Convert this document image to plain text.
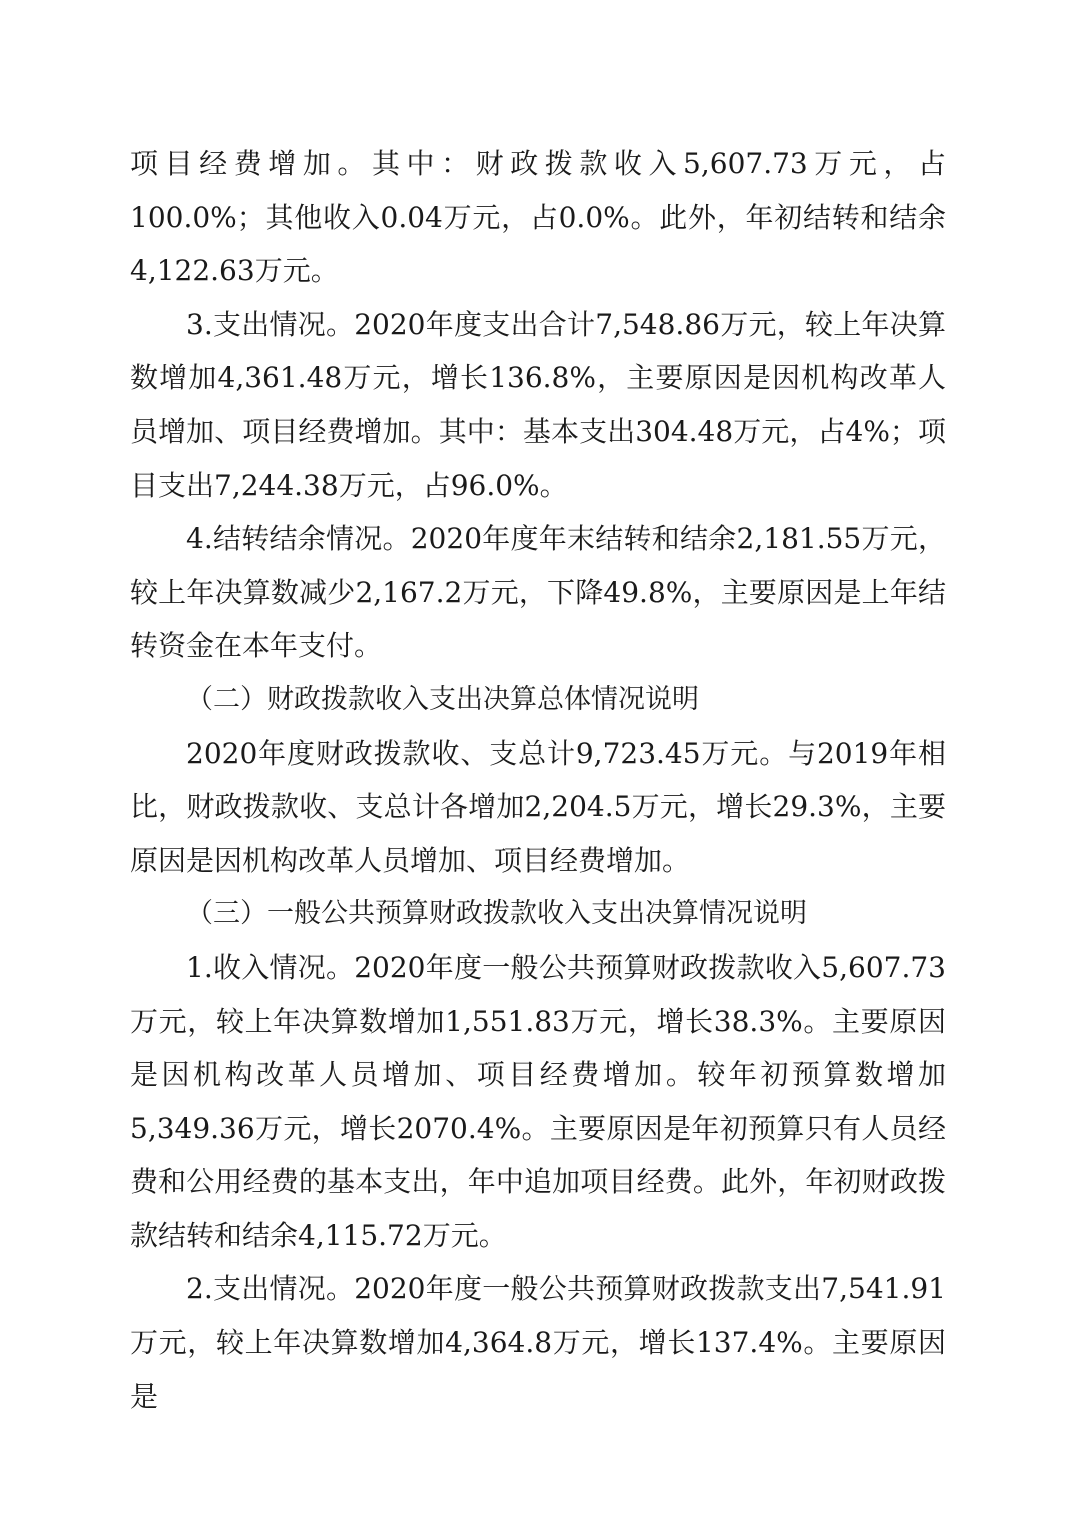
项目经费增加。其中：财政拨款收入5,607.73万元，占100.0%；其他收入0.04万元，占0.0%。此外，年初结转和结余4,122.63万元。

3.支出情况。2020年度支出合计7,548.86万元，较上年决算数增加4,361.48万元，增长136.8%，主要原因是因机构改革人员增加、项目经费增加。其中：基本支出304.48万元，占4%；项目支出7,244.38万元，占96.0%。

4.结转结余情况。2020年度年末结转和结余2,181.55万元，较上年决算数减少2,167.2万元，下降49.8%，主要原因是上年结转资金在本年支付。

（二）财政拨款收入支出决算总体情况说明

2020年度财政拨款收、支总计9,723.45万元。与2019年相比，财政拨款收、支总计各增加2,204.5万元，增长29.3%，主要原因是因机构改革人员增加、项目经费增加。

（三）一般公共预算财政拨款收入支出决算情况说明

1.收入情况。2020年度一般公共预算财政拨款收入5,607.73万元，较上年决算数增加1,551.83万元，增长38.3%。主要原因是因机构改革人员增加、项目经费增加。较年初预算数增加5,349.36万元，增长2070.4%。主要原因是年初预算只有人员经费和公用经费的基本支出，年中追加项目经费。此外，年初财政拨款结转和结余4,115.72万元。

2.支出情况。2020年度一般公共预算财政拨款支出7,541.91万元，较上年决算数增加4,364.8万元，增长137.4%。主要原因是
